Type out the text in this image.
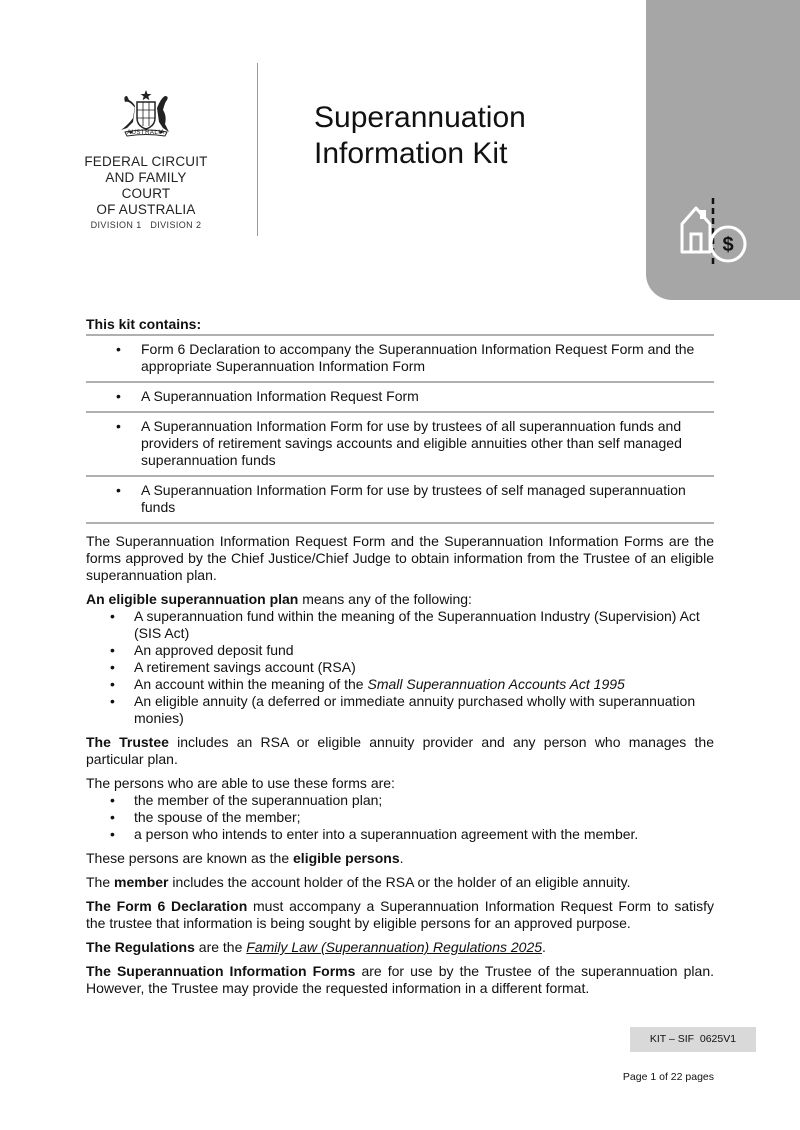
AUSTRALIA
FEDERAL CIRCUIT
AND FAMILY COURT
OF AUSTRALIA
DIVISION 1   DIVISION 2
Superannuation
Information Kit
$
This kit contains:
• Form 6 Declaration to accompany the Superannuation Information Request Form and the appropriate Superannuation Information Form
• A Superannuation Information Request Form
• A Superannuation Information Form for use by trustees of all superannuation funds and providers of retirement savings accounts and eligible annuities other than self managed superannuation funds
• A Superannuation Information Form for use by trustees of self managed superannuation funds

The Superannuation Information Request Form and the Superannuation Information Forms are the forms approved by the Chief Justice/Chief Judge to obtain information from the Trustee of an eligible superannuation plan.

An eligible superannuation plan means any of the following:

• A superannuation fund within the meaning of the Superannuation Industry (Supervision) Act (SIS Act)
• An approved deposit fund
• A retirement savings account (RSA)
• An account within the meaning of the Small Superannuation Accounts Act 1995
• An eligible annuity (a deferred or immediate annuity purchased wholly with superannuation monies)

The Trustee includes an RSA or eligible annuity provider and any person who manages the particular plan.

The persons who are able to use these forms are:

• the member of the superannuation plan;
• the spouse of the member;
• a person who intends to enter into a superannuation agreement with the member.

These persons are known as the eligible persons.

The member includes the account holder of the RSA or the holder of an eligible annuity.

The Form 6 Declaration must accompany a Superannuation Information Request Form to satisfy the trustee that information is being sought by eligible persons for an approved purpose.

The Regulations are the Family Law (Superannuation) Regulations 2025.

The Superannuation Information Forms are for use by the Trustee of the superannuation plan. However, the Trustee may provide the requested information in a different format.

KIT – SIF  0625V1
Page 1 of 22 pages
